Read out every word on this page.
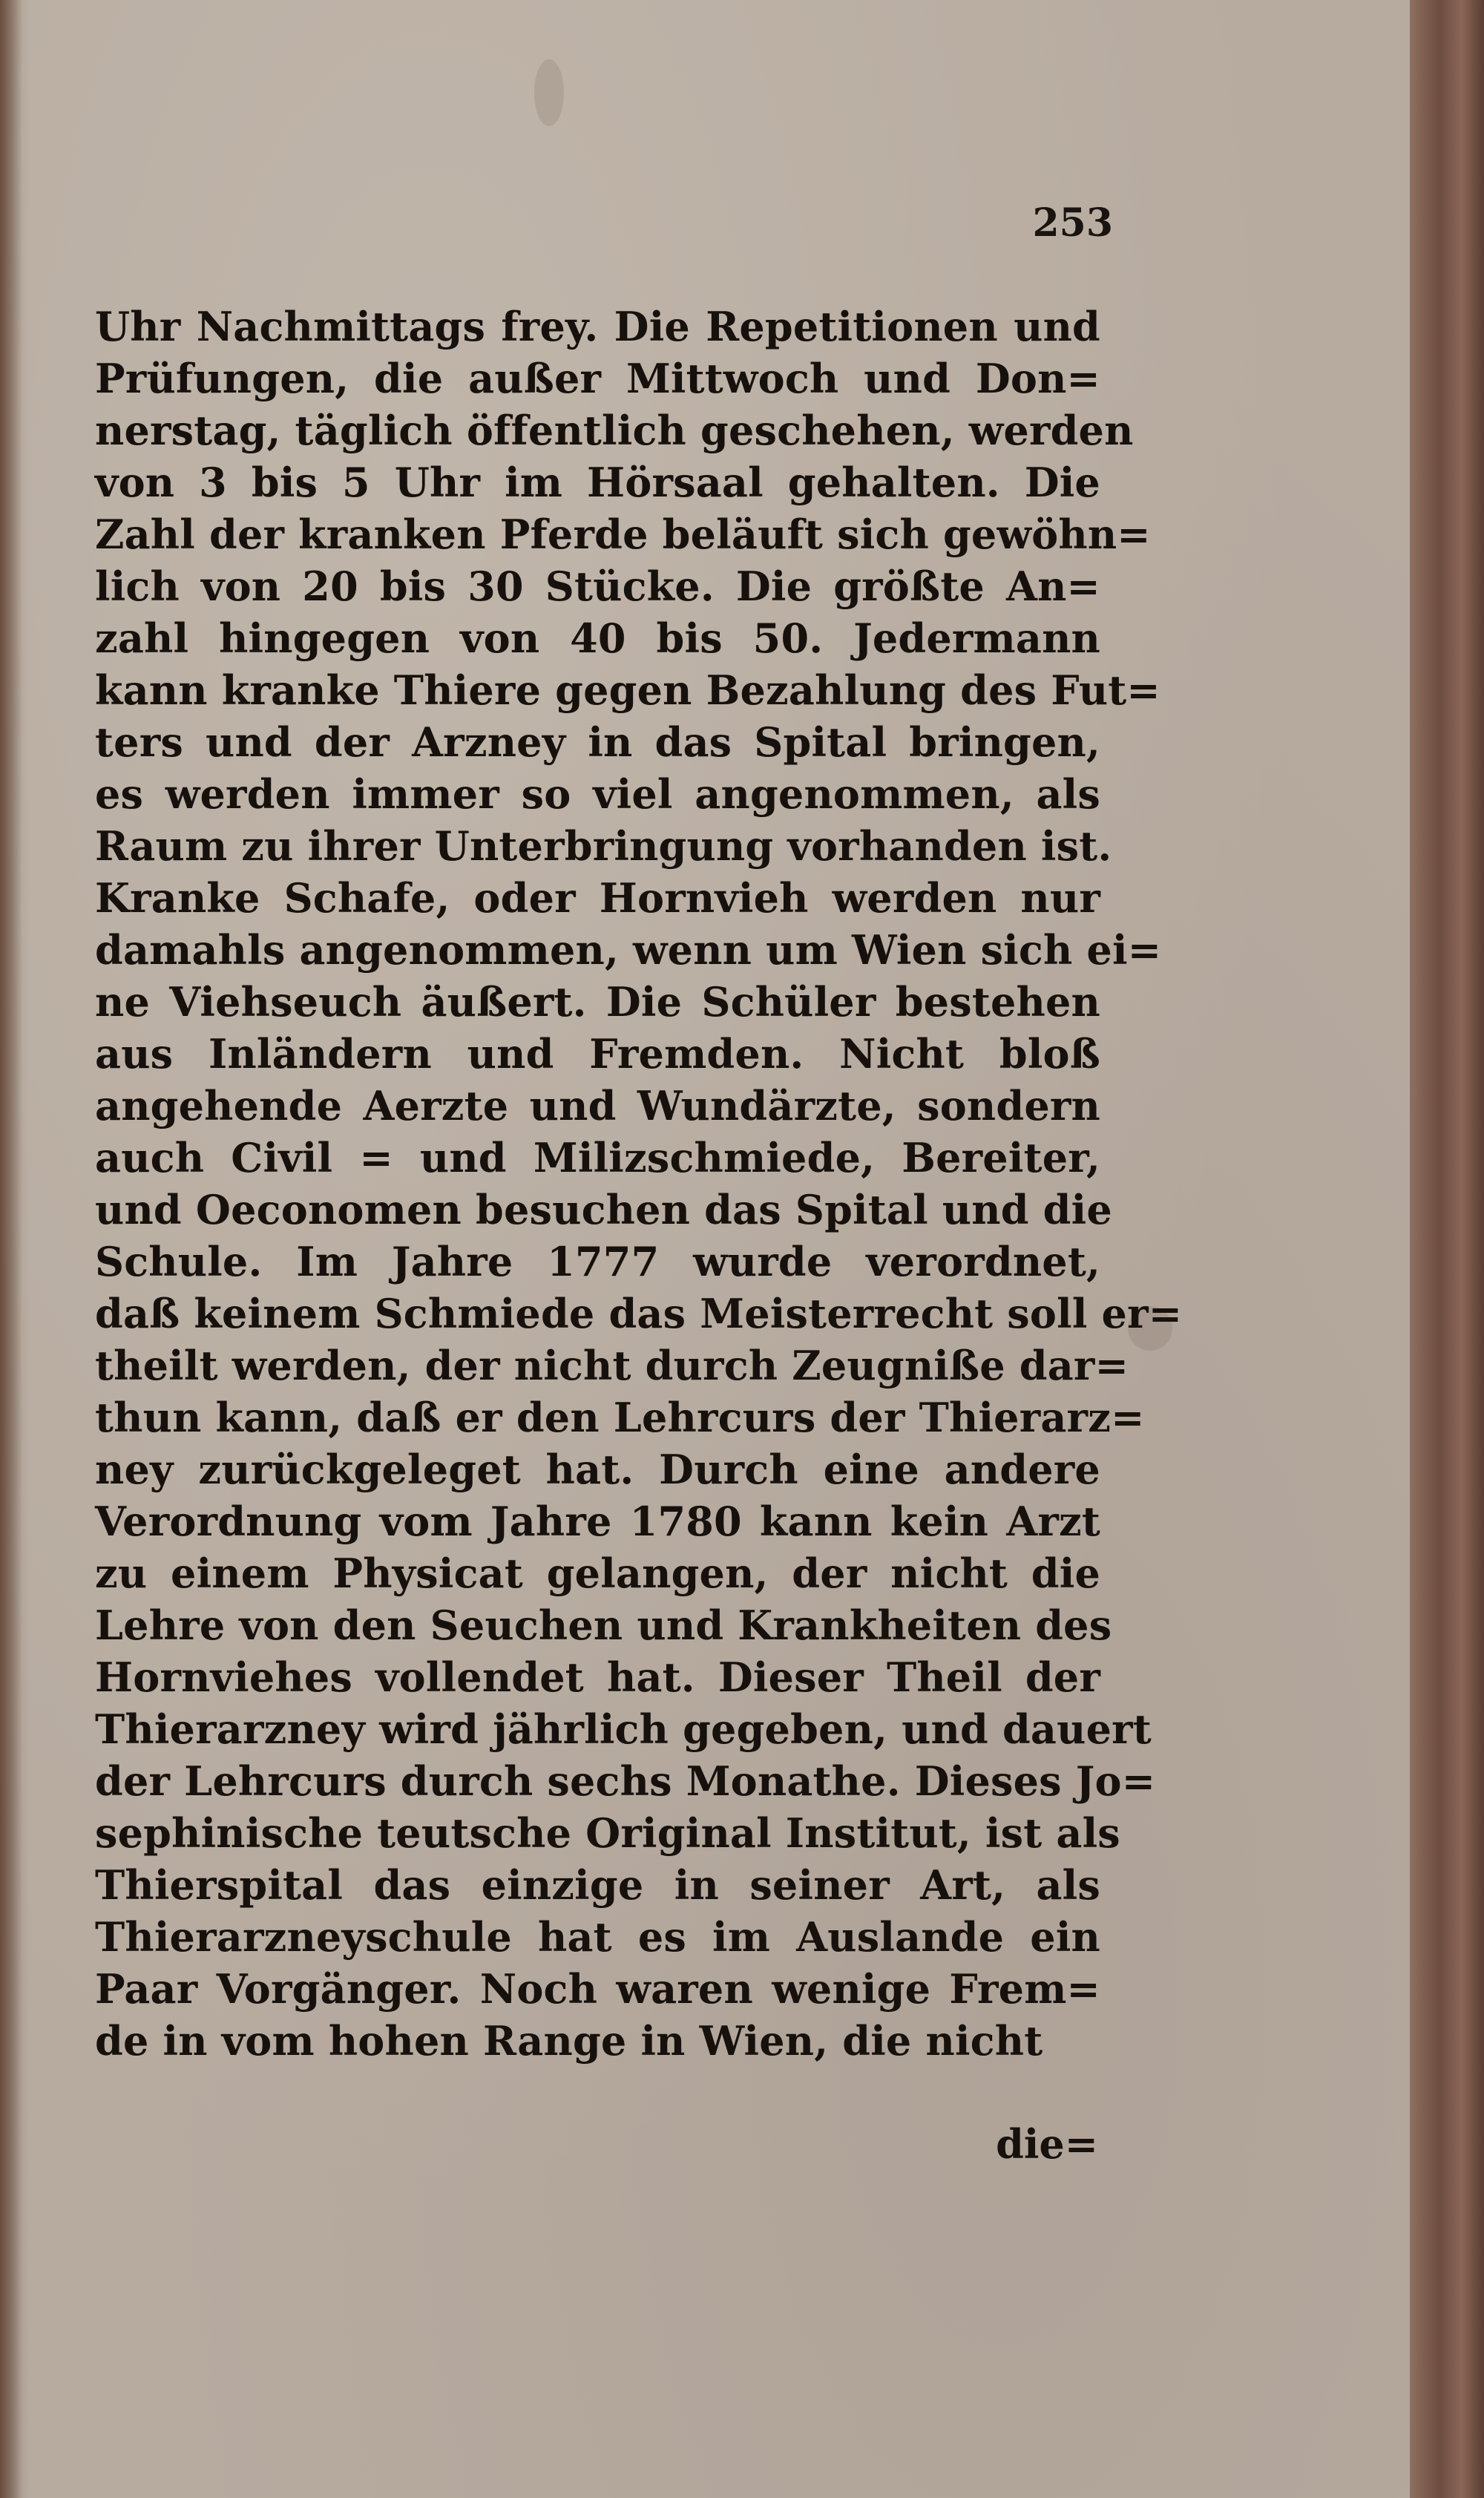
253
Uhr Nachmittags frey. Die Repetitionen und
Prüfungen, die außer Mittwoch und Don=
nerstag, täglich öffentlich geschehen, werden
von 3 bis 5 Uhr im Hörsaal gehalten. Die
Zahl der kranken Pferde beläuft sich gewöhn=
lich von 20 bis 30 Stücke. Die größte An=
zahl hingegen von 40 bis 50. Jedermann
kann kranke Thiere gegen Bezahlung des Fut=
ters und der Arzney in das Spital bringen,
es werden immer so viel angenommen, als
Raum zu ihrer Unterbringung vorhanden ist.
Kranke Schafe, oder Hornvieh werden nur
damahls angenommen, wenn um Wien sich ei=
ne Viehseuch äußert. Die Schüler bestehen
aus Inländern und Fremden. Nicht bloß
angehende Aerzte und Wundärzte, sondern
auch Civil = und Milizschmiede, Bereiter,
und Oeconomen besuchen das Spital und die
Schule. Im Jahre 1777 wurde verordnet,
daß keinem Schmiede das Meisterrecht soll er=
theilt werden, der nicht durch Zeugniße dar=
thun kann, daß er den Lehrcurs der Thierarz=
ney zurückgeleget hat. Durch eine andere
Verordnung vom Jahre 1780 kann kein Arzt
zu einem Physicat gelangen, der nicht die
Lehre von den Seuchen und Krankheiten des
Hornviehes vollendet hat. Dieser Theil der
Thierarzney wird jährlich gegeben, und dauert
der Lehrcurs durch sechs Monathe. Dieses Jo=
sephinische teutsche Original Institut, ist als
Thierspital das einzige in seiner Art, als
Thierarzneyschule hat es im Auslande ein
Paar Vorgänger. Noch waren wenige Frem=
de in vom hohen Range in Wien, die nicht
die=
